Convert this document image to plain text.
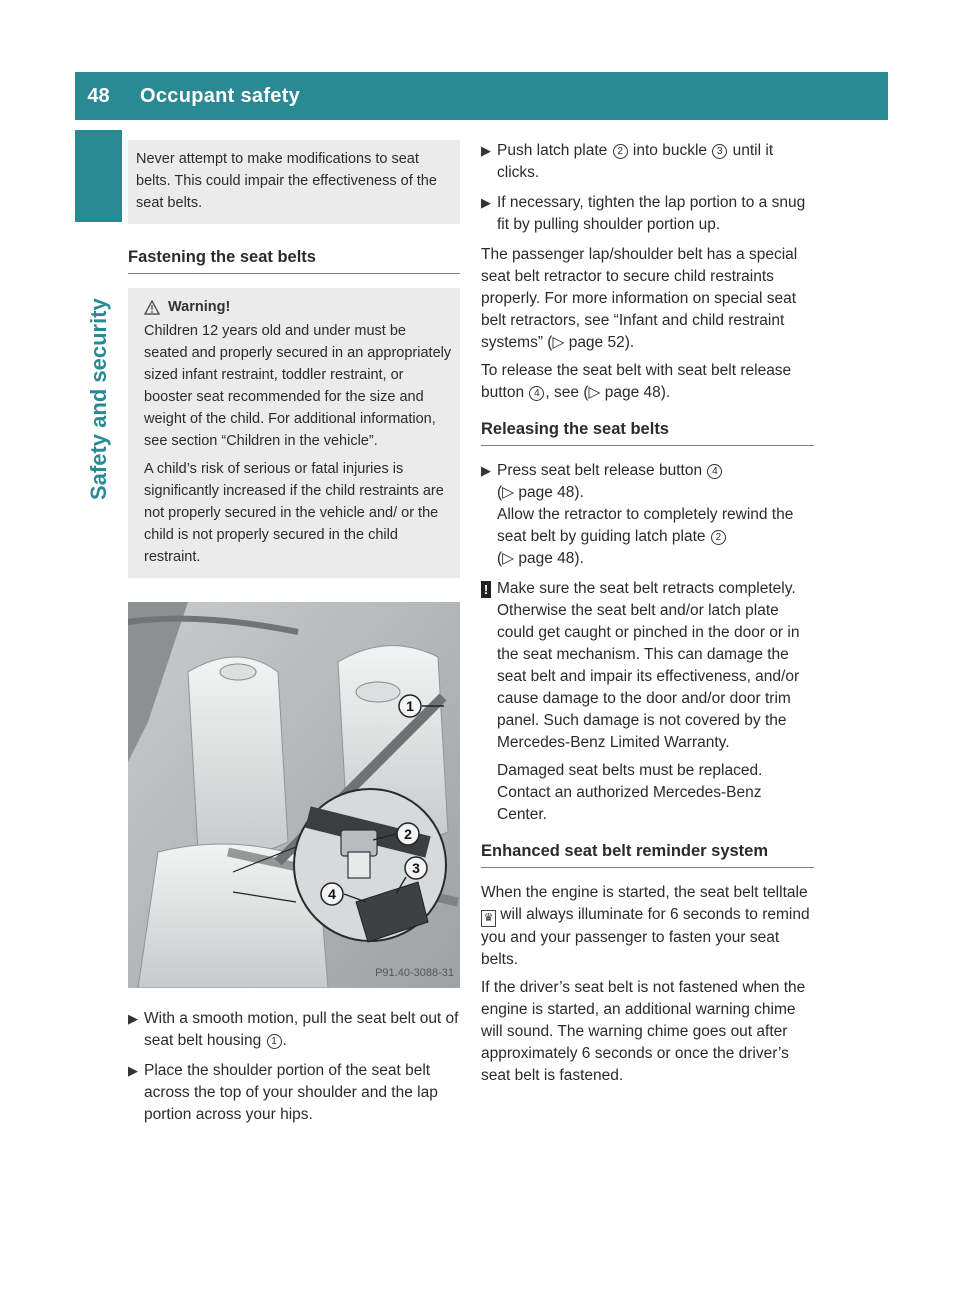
48	Occupant safety
Safety and security

Never attempt to make modifications to seat belts. This could impair the effectiveness of the seat belts.

Fastening the seat belts
Warning!

Children 12 years old and under must be seated and properly secured in an appropriately sized infant restraint, toddler restraint, or booster seat recommended for the size and weight of the child. For additional information, see section “Children in the vehicle”.

A child’s risk of serious or fatal injuries is significantly increased if the child restraints are not properly secured in the vehicle and/ or the child is not properly secured in the child restraint.

1
2
3
4
P91.40-3088-31
▶ With a smooth motion, pull the seat belt out of seat belt housing 1 .
▶ Place the shoulder portion of the seat belt across the top of your shoulder and the lap portion across your hips.
▶ Push latch plate 2 into buckle 3 until it clicks.
▶ If necessary, tighten the lap portion to a snug fit by pulling shoulder portion up.

The passenger lap/shoulder belt has a special seat belt retractor to secure child restraints properly. For more information on special seat belt retractors, see “Infant and child restraint systems” (▷ page 52).

To release the seat belt with seat belt release button 4 , see (▷ page 48).

Releasing the seat belts
▶ Press seat belt release button 4
(▷ page 48).
Allow the retractor to completely rewind the seat belt by guiding latch plate 2
(▷ page 48).
! Make sure the seat belt retracts completely. Otherwise the seat belt and/or latch plate could get caught or pinched in the door or in the seat mechanism. This can damage the seat belt and impair its effectiveness, and/or cause damage to the door and/or door trim panel. Such damage is not covered by the Mercedes-Benz Limited Warranty.

Damaged seat belts must be replaced. Contact an authorized Mercedes-Benz Center.

Enhanced seat belt reminder system

When the engine is started, the seat belt telltale ♛ will always illuminate for 6 seconds to remind you and your passenger to fasten your seat belts.

If the driver’s seat belt is not fastened when the engine is started, an additional warning chime will sound. The warning chime goes out after approximately 6 seconds or once the driver’s seat belt is fastened.
